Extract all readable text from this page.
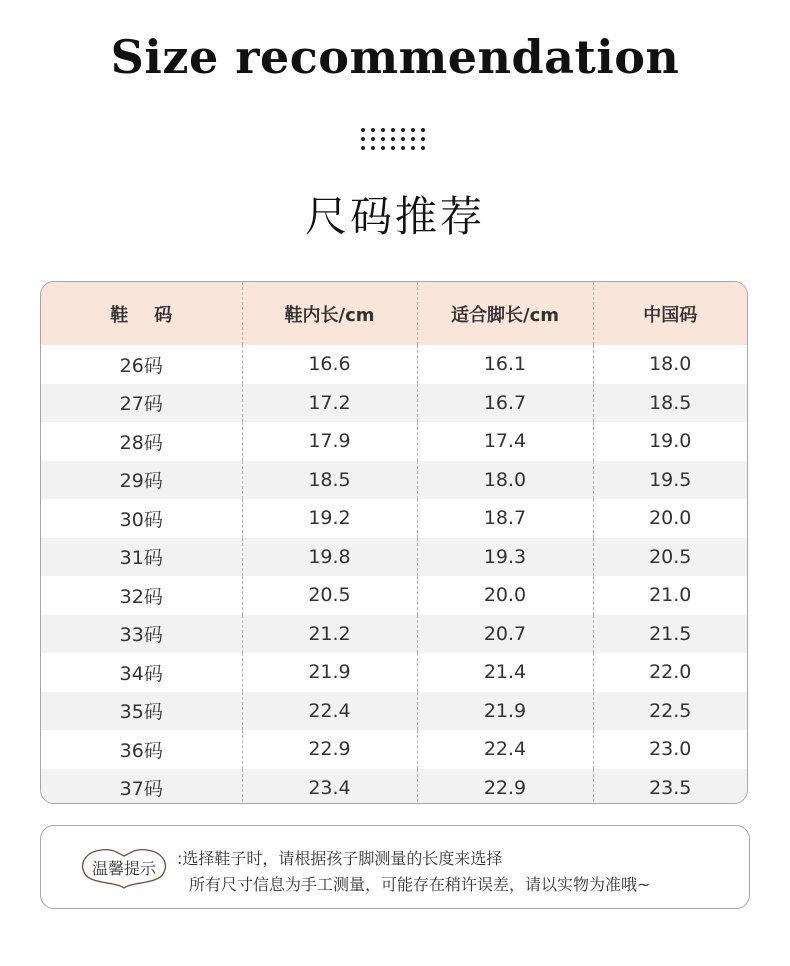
Size recommendation
尺码推荐
鞋 码	鞋内长/cm	适合脚长/cm	中国码
26码	16.6	16.1	18.0
27码	17.2	16.7	18.5
28码	17.9	17.4	19.0
29码	18.5	18.0	19.5
30码	19.2	18.7	20.0
31码	19.8	19.3	20.5
32码	20.5	20.0	21.0
33码	21.2	20.7	21.5
34码	21.9	21.4	22.0
35码	22.4	21.9	22.5
36码	22.9	22.4	23.0
37码	23.4	22.9	23.5
温馨提示
:选择鞋子时，请根据孩子脚测量的长度来选择
所有尺寸信息为手工测量，可能存在稍许误差，请以实物为准哦~
